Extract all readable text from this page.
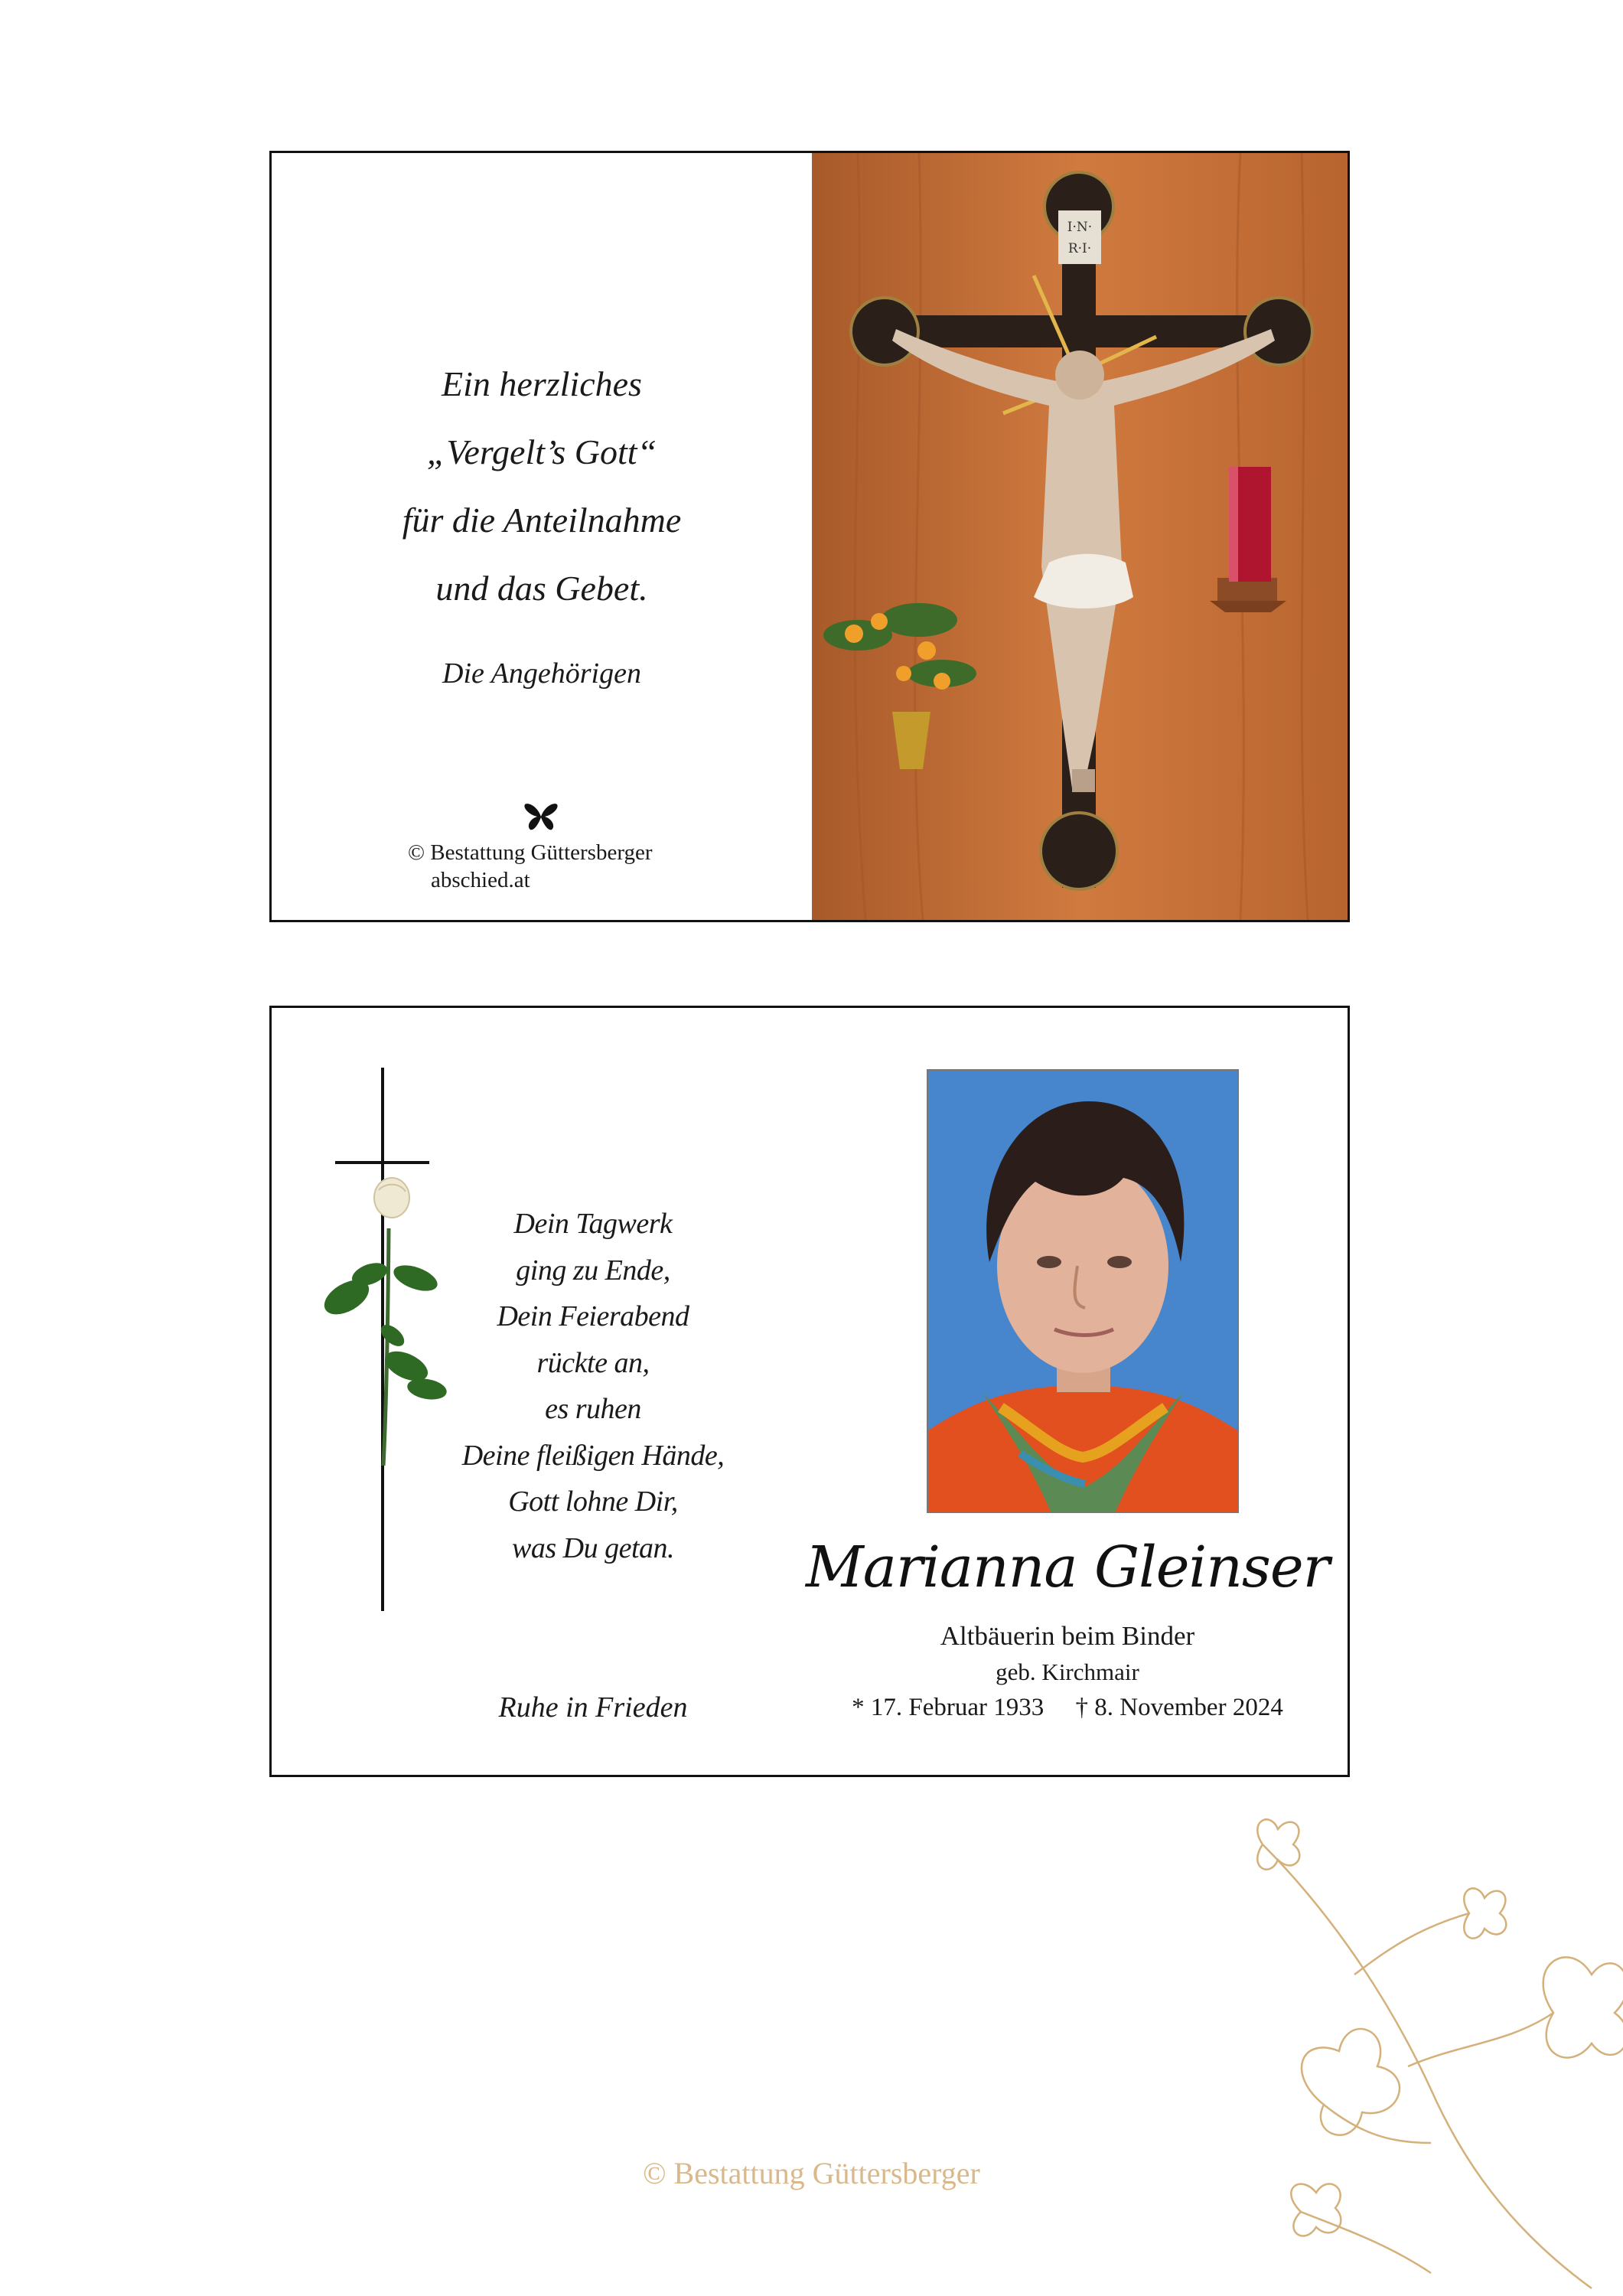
Ein herzliches
„Vergelt’s Gott“
für die Anteilnahme
und das Gebet.
Die Angehörigen
© Bestattung Güttersberger
abschied.at
I·N·
R·I·
Dein Tagwerk
ging zu Ende,
Dein Feierabend
rückte an,
es ruhen
Deine fleißigen Hände,
Gott lohne Dir,
was Du getan.
Ruhe in Frieden
Marianna Gleinser
Altbäuerin beim Binder
geb. Kirchmair
* 17. Februar 1933     † 8. November 2024
© Bestattung Güttersberger
